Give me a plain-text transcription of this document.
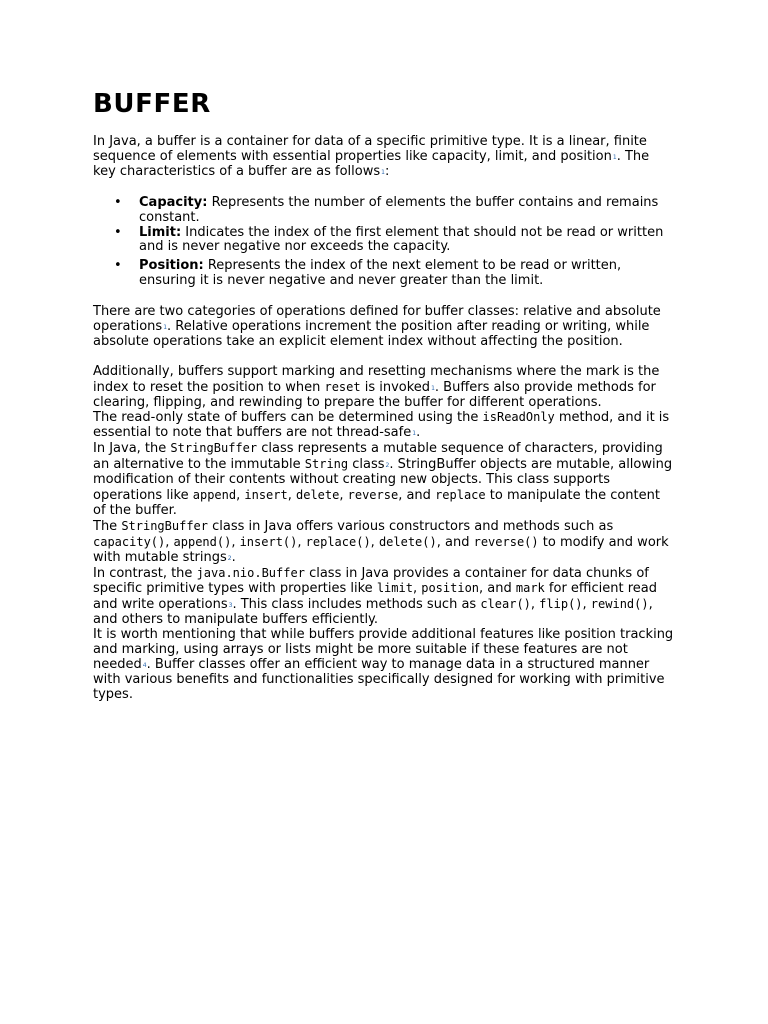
BUFFER

In Java, a buffer is a container for data of a specific primitive type. It is a linear, finite sequence of elements with essential properties like capacity, limit, and position$^1$. The key characteristics of a buffer are as follows$^1$:

• Capacity: Represents the number of elements the buffer contains and remains constant.
• Limit: Indicates the index of the first element that should not be read or written and is never negative nor exceeds the capacity.
• Position: Represents the index of the next element to be read or written, ensuring it is never negative and never greater than the limit.

There are two categories of operations defined for buffer classes: relative and absolute operations$^1$. Relative operations increment the position after reading or writing, while absolute operations take an explicit element index without affecting the position.

Additionally, buffers support marking and resetting mechanisms where the mark is the index to reset the position to when reset is invoked$^1$. Buffers also provide methods for clearing, flipping, and rewinding to prepare the buffer for different operations.

The read-only state of buffers can be determined using the isReadOnly method, and it is essential to note that buffers are not thread-safe$^1$.

In Java, the StringBuffer class represents a mutable sequence of characters, providing an alternative to the immutable String class$^2$. StringBuffer objects are mutable, allowing modification of their contents without creating new objects. This class supports operations like append, insert, delete, reverse, and replace to manipulate the content of the buffer.

The StringBuffer class in Java offers various constructors and methods such as capacity(), append(), insert(), replace(), delete(), and reverse() to modify and work with mutable strings$^2$.

In contrast, the java.nio.Buffer class in Java provides a container for data chunks of specific primitive types with properties like limit, position, and mark for efficient read and write operations$^3$. This class includes methods such as clear(), flip(), rewind(), and others to manipulate buffers efficiently.

It is worth mentioning that while buffers provide additional features like position tracking and marking, using arrays or lists might be more suitable if these features are not needed$^4$. Buffer classes offer an efficient way to manage data in a structured manner with various benefits and functionalities specifically designed for working with primitive types.
